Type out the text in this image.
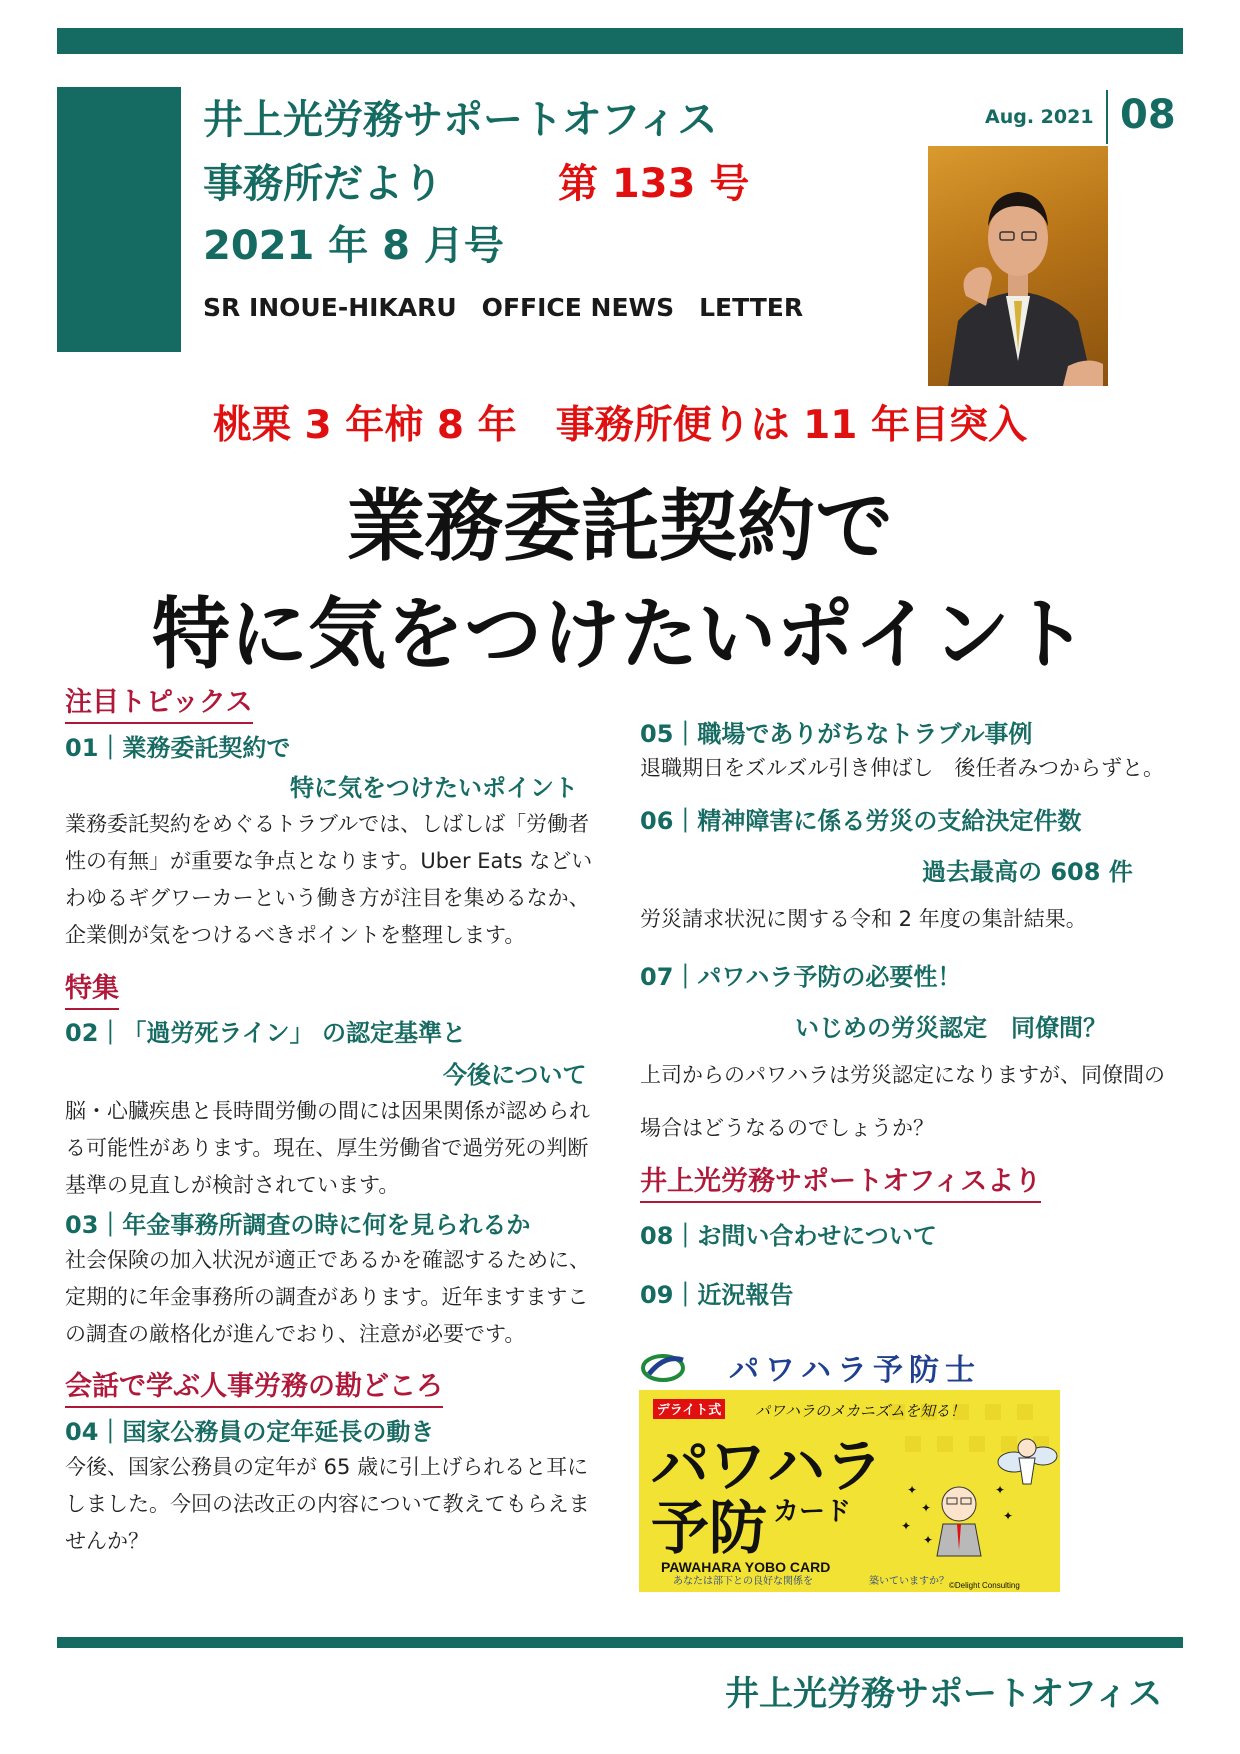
井上光労務サポートオフィス
事務所だより	第 133 号
2021 年 8 月号
SR INOUE-HIKARU　OFFICE NEWS　LETTER
Aug. 2021 08
桃栗 3 年柿 8 年　事務所便りは 11 年目突入
業務委託契約で
特に気をつけたいポイント
注目トピックス
01｜業務委託契約で
特に気をつけたいポイント
業務委託契約をめぐるトラブルでは、しばしば「労働者性の有無」が重要な争点となります。Uber Eats などいわゆるギグワーカーという働き方が注目を集めるなか、企業側が気をつけるべきポイントを整理します。
特集
02｜「過労死ライン」 の認定基準と
今後について
脳・心臓疾患と長時間労働の間には因果関係が認められる可能性があります。現在、厚生労働省で過労死の判断基準の見直しが検討されています。
03｜年金事務所調査の時に何を見られるか
社会保険の加入状況が適正であるかを確認するために、定期的に年金事務所の調査があります。近年ますますこの調査の厳格化が進んでおり、注意が必要です。
会話で学ぶ人事労務の勘どころ
04｜国家公務員の定年延長の動き
今後、国家公務員の定年が 65 歳に引上げられると耳にしました。今回の法改正の内容について教えてもらえませんか？
05｜職場でありがちなトラブル事例
退職期日をズルズル引き伸ばし　後任者みつからずと。
06｜精神障害に係る労災の支給決定件数
過去最高の 608 件
労災請求状況に関する令和 2 年度の集計結果。
07｜パワハラ予防の必要性！
いじめの労災認定　同僚間？
上司からのパワハラは労災認定になりますが、同僚間の
場合はどうなるのでしょうか？
井上光労務サポートオフィスより
08｜お問い合わせについて
09｜近況報告
パワハラ予防士
デライト式 パワハラのメカニズムを知る！
パワハラ
予防 カード
PAWAHARA YOBO CARD
あなたは部下との良好な関係を	築いていますか？ ©Delight Consulting
✦
✦
✦
✦
✦
✦
井上光労務サポートオフィス
